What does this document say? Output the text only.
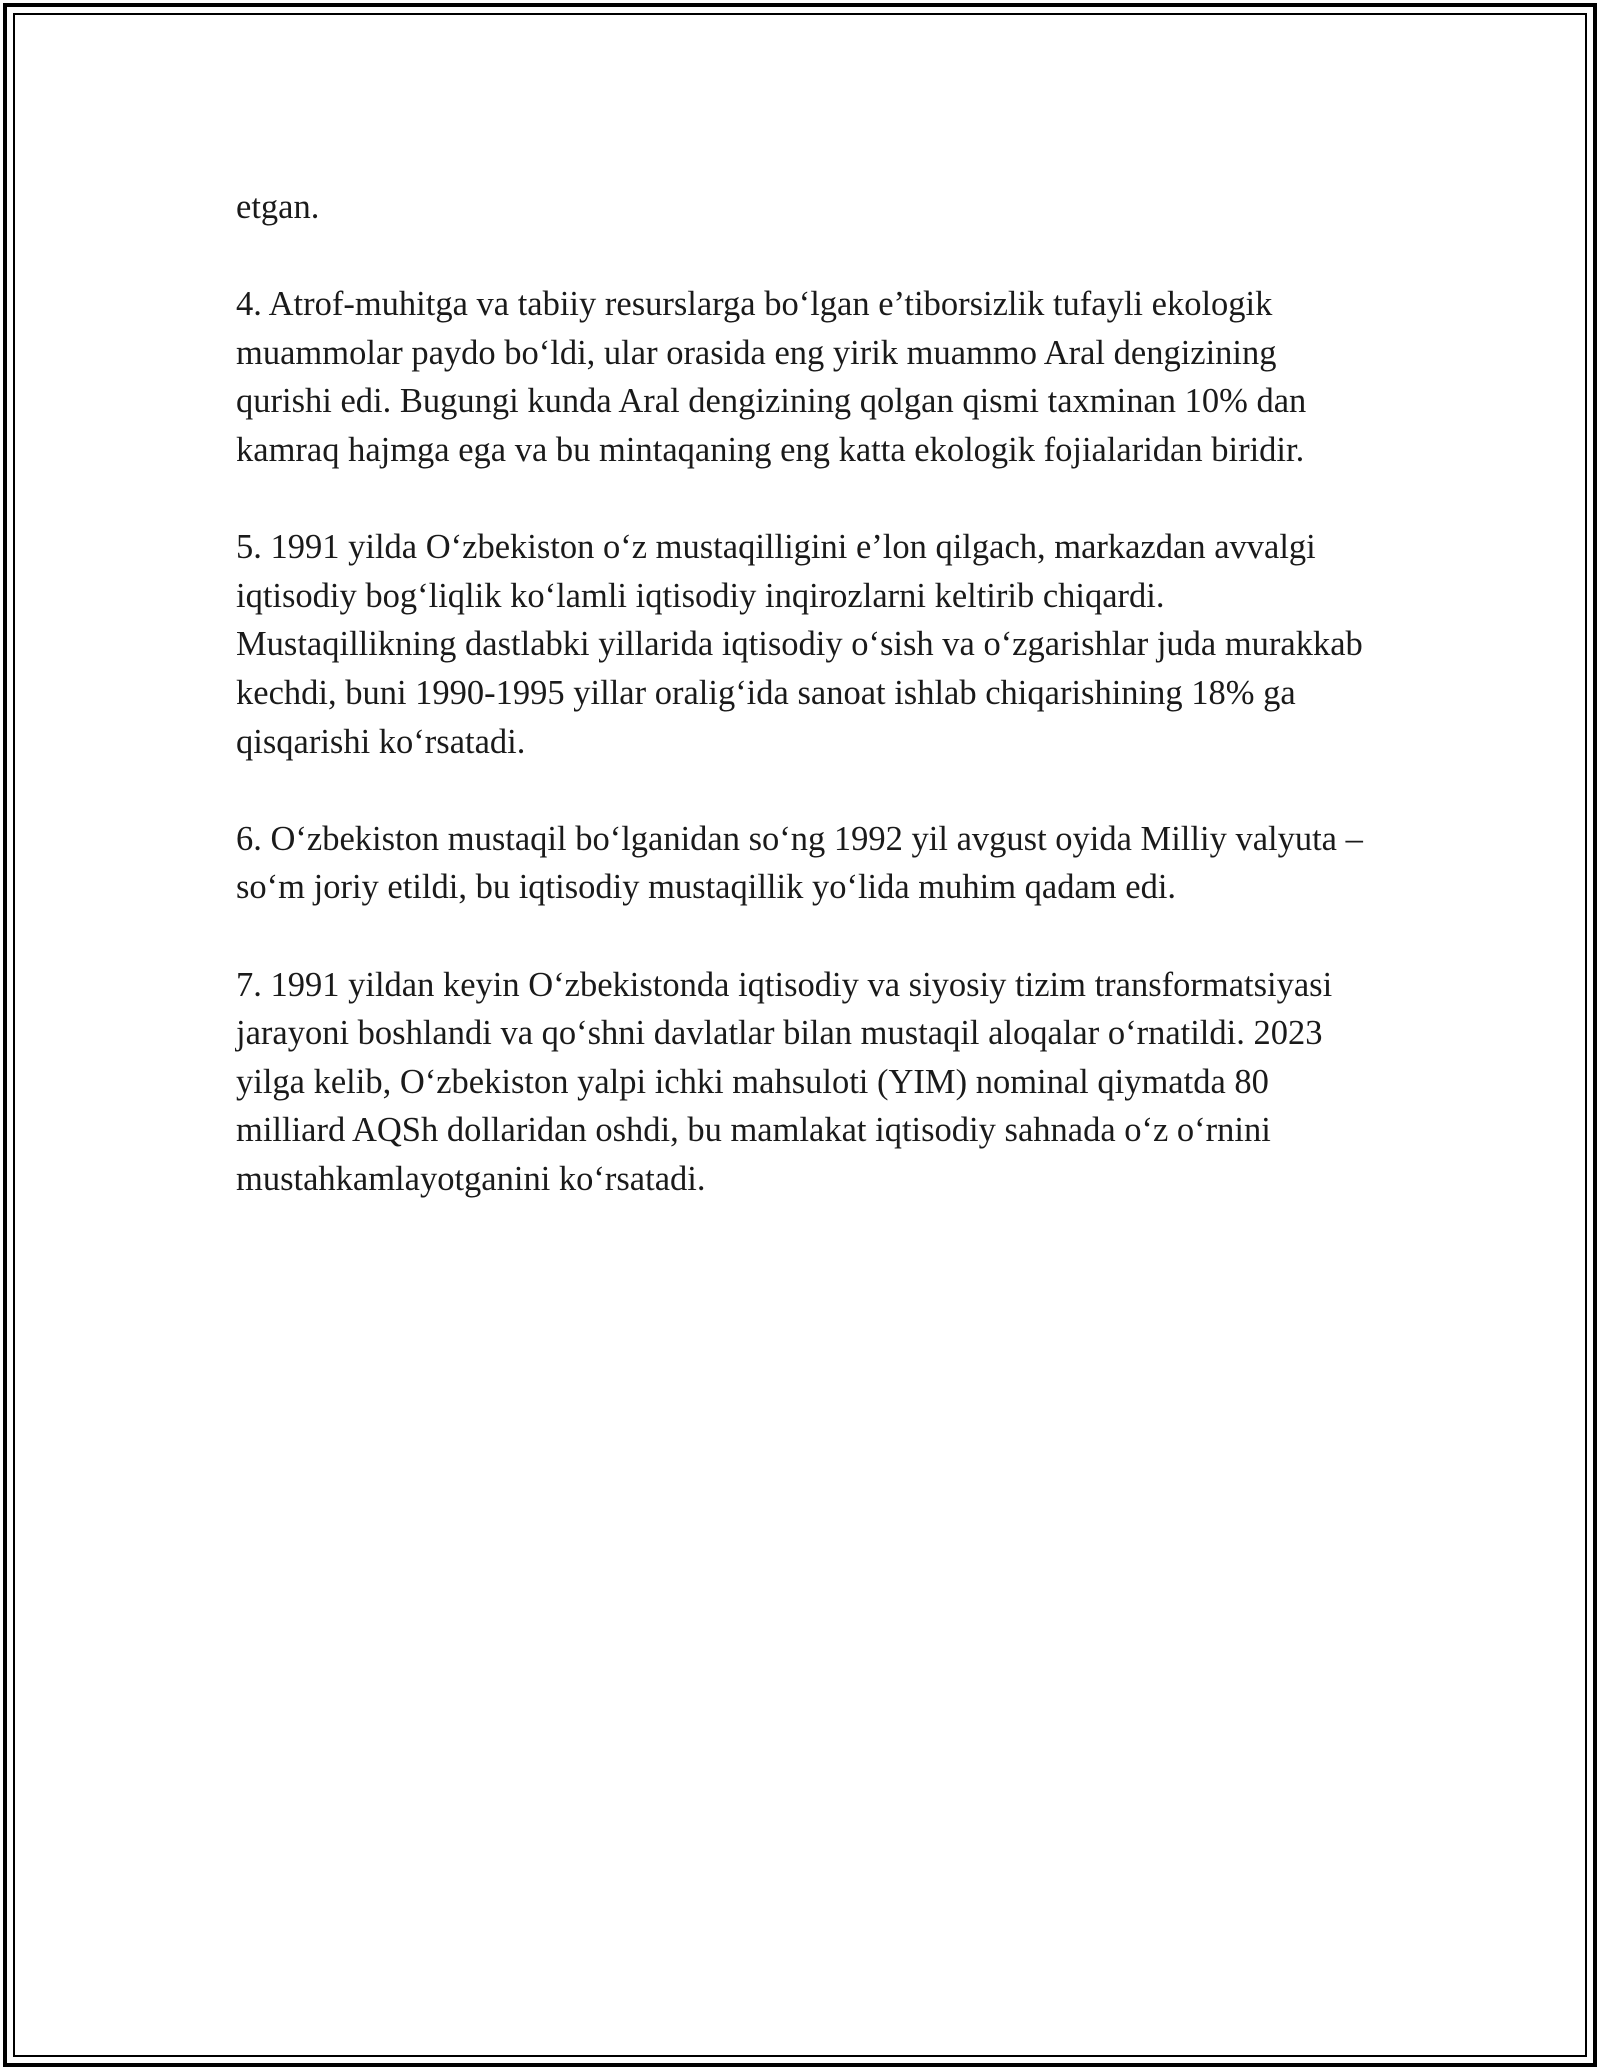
etgan.

4. Atrof-muhitga va tabiiy resurslarga bo‘lgan e’tiborsizlik tufayli ekologik muammolar paydo bo‘ldi, ular orasida eng yirik muammo Aral dengizining qurishi edi. Bugungi kunda Aral dengizining qolgan qismi taxminan 10% dan kamraq hajmga ega va bu mintaqaning eng katta ekologik fojialaridan biridir.

5. 1991 yilda O‘zbekiston o‘z mustaqilligini e’lon qilgach, markazdan avvalgi iqtisodiy bog‘liqlik ko‘lamli iqtisodiy inqirozlarni keltirib chiqardi. Mustaqillikning dastlabki yillarida iqtisodiy o‘sish va o‘zgarishlar juda murakkab kechdi, buni 1990-1995 yillar oralig‘ida sanoat ishlab chiqarishining 18% ga qisqarishi ko‘rsatadi.

6. O‘zbekiston mustaqil bo‘lganidan so‘ng 1992 yil avgust oyida Milliy valyuta – so‘m joriy etildi, bu iqtisodiy mustaqillik yo‘lida muhim qadam edi.

7. 1991 yildan keyin O‘zbekistonda iqtisodiy va siyosiy tizim transformatsiyasi jarayoni boshlandi va qo‘shni davlatlar bilan mustaqil aloqalar o‘rnatildi. 2023 yilga kelib, O‘zbekiston yalpi ichki mahsuloti (YIM) nominal qiymatda 80 milliard AQSh dollaridan oshdi, bu mamlakat iqtisodiy sahnada o‘z o‘rnini mustahkamlayotganini ko‘rsatadi.
